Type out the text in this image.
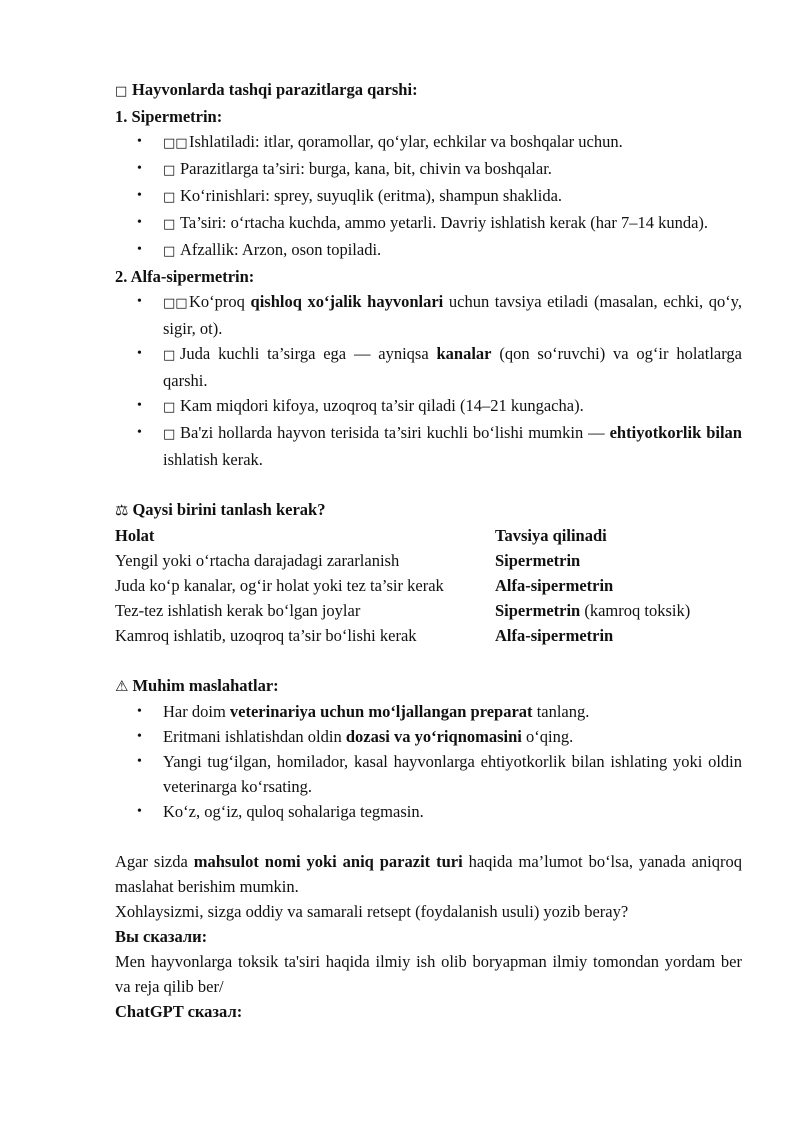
□ Hayvonlarda tashqi parazitlarga qarshi:
1. Sipermetrin:
• □□Ishlatiladi: itlar, qoramollar, qo‘ylar, echkilar va boshqalar uchun.
• □ Parazitlarga ta’siri: burga, kana, bit, chivin va boshqalar.
• □ Ko‘rinishlari: sprey, suyuqlik (eritma), shampun shaklida.
• □ Ta’siri: o‘rtacha kuchda, ammo yetarli. Davriy ishlatish kerak (har 7–14 kunda).
• □ Afzallik: Arzon, oson topiladi.
2. Alfa-sipermetrin:
• □□Ko‘proq qishloq xo‘jalik hayvonlari uchun tavsiya etiladi (masalan, echki, qo‘y, sigir, ot).
• □ Juda kuchli ta’sirga ega — ayniqsa kanalar (qon so‘ruvchi) va og‘ir holatlarga qarshi.
• □ Kam miqdori kifoya, uzoqroq ta’sir qiladi (14–21 kungacha).
• □ Ba'zi hollarda hayvon terisida ta’siri kuchli bo‘lishi mumkin — ehtiyotkorlik bilan ishlatish kerak.
⚖ Qaysi birini tanlash kerak?
Holat	Tavsiya qilinadi
Yengil yoki o‘rtacha darajadagi zararlanish	Sipermetrin
Juda ko‘p kanalar, og‘ir holat yoki tez ta’sir kerak	Alfa-sipermetrin
Tez-tez ishlatish kerak bo‘lgan joylar	Sipermetrin (kamroq toksik)
Kamroq ishlatib, uzoqroq ta’sir bo‘lishi kerak	Alfa-sipermetrin
⚠ Muhim maslahatlar:
• Har doim veterinariya uchun mo‘ljallangan preparat tanlang.
• Eritmani ishlatishdan oldin dozasi va yo‘riqnomasini o‘qing.
• Yangi tug‘ilgan, homilador, kasal hayvonlarga ehtiyotkorlik bilan ishlating yoki oldin veterinarga ko‘rsating.
• Ko‘z, og‘iz, quloq sohalariga tegmasin.

Agar sizda mahsulot nomi yoki aniq parazit turi haqida ma’lumot bo‘lsa, yanada aniqroq maslahat berishim mumkin.

Xohlaysizmi, sizga oddiy va samarali retsept (foydalanish usuli) yozib beray?

Вы сказали:

Men hayvonlarga toksik ta'siri haqida ilmiy ish olib boryapman ilmiy tomondan yordam ber va reja qilib ber/

ChatGPT сказал:
